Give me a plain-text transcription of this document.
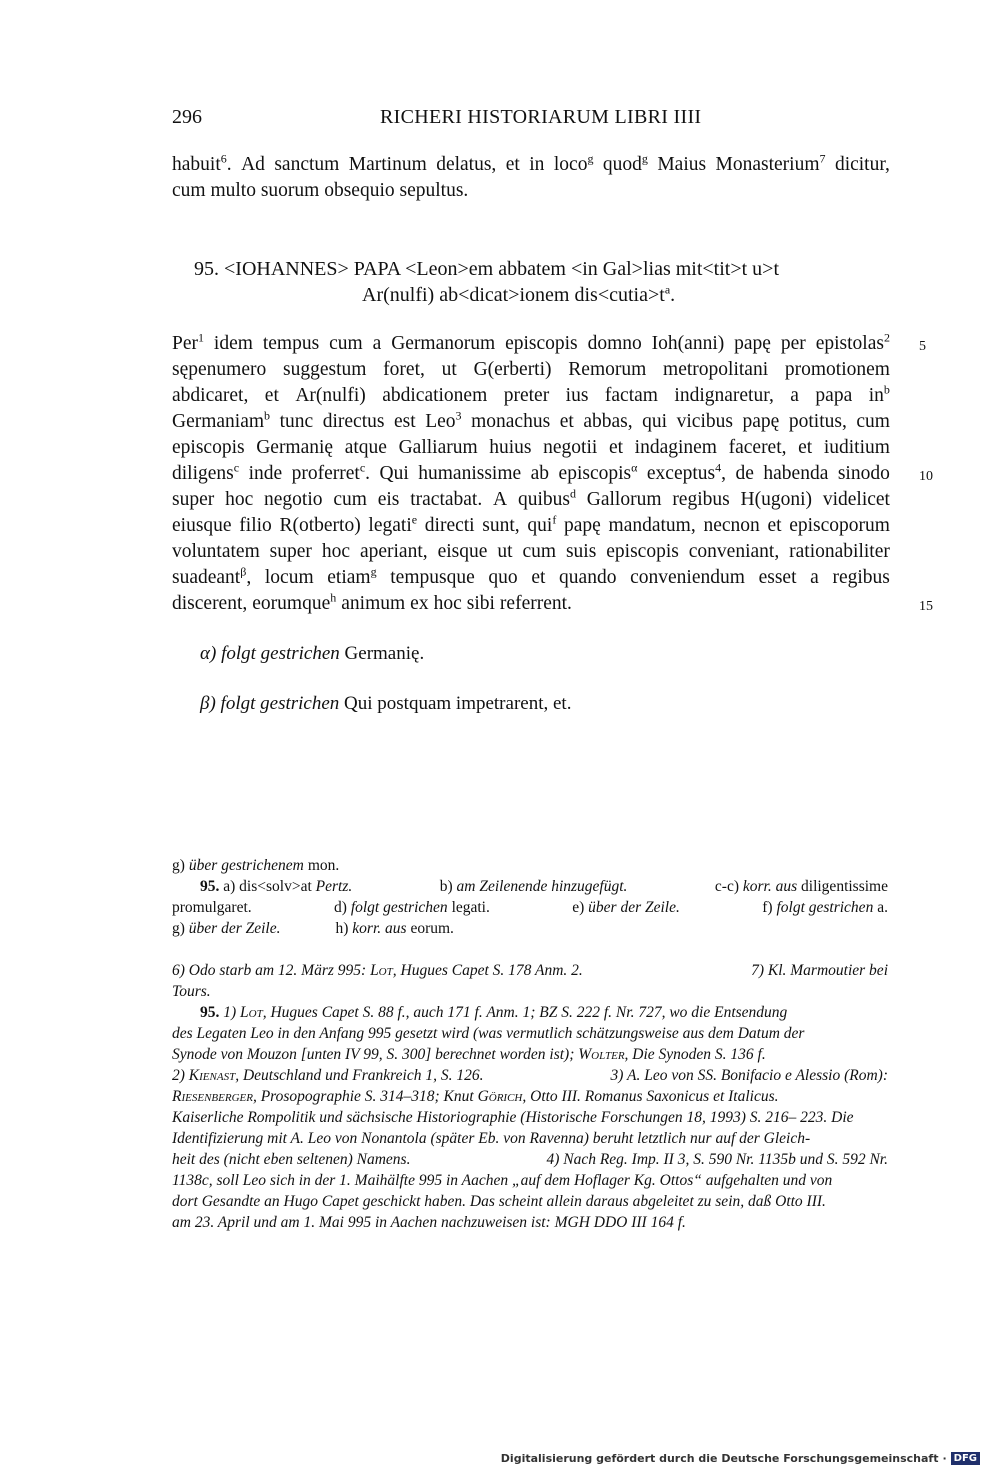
296	RICHERI HISTORIARUM LIBRI IIII
habuit$^6$. Ad sanctum Martinum delatus, et in loco$^g$ quod$^g$ Maius Monasterium$^7$ dicitur,
cum multo suorum obsequio sepultus.
95. <IOHANNES> PAPA <Leon>em abbatem <in Gal>lias mit<tit>t u>t
Ar(nulfi) ab<dicat>ionem $dis<cutia>t^a$.
Per$^1$ idem tempus cum a Germanorum episcopis domno Ioh(anni) papę per epistolas$^2$
sępenumero suggestum foret, ut G(erberti) Remorum metropolitani promotionem
abdicaret, et Ar(nulfi) abdicationem preter ius factam indignaretur, a papa $in^b$
Germaniam$^b$ tunc directus est Leo$^3$ monachus et abbas, qui vicibus papę potitus, cum
episcopis Germanię atque Galliarum huius negotii et indaginem faceret, et iuditium
diligens$^c$ inde proferret$^c$. Qui humanissime ab episcopis$^\alpha$ exceptus$^4$, de habenda sinodo
super hoc negotio cum eis tractabat. A quibus$^d$ Gallorum regibus H(ugoni) videlicet
eiusque filio R(otberto) legati$^e$ directi sunt, qui$^f$ papę mandatum, necnon et episcoporum
voluntatem super hoc aperiant, eisque ut cum suis episcopis conveniant, rationabiliter
suadeant$^\beta$, locum etiam$^g$ tempusque quo et quando conveniendum esset a regibus
discerent, eorumque$^h$ animum ex hoc sibi referrent.
5
10
15
α) folgt gestrichen Germanię.
β) folgt gestrichen Qui postquam impetrarent, et.
g) über gestrichenem mon.
95. a) dis<solv>at Pertz.	b) am Zeilenende hinzugefügt.	c-c) korr. aus diligentissime
promulgaret.	d) folgt gestrichen legati.	e) über der Zeile.	f) folgt gestrichen a.
g) über der Zeile.	h) korr. aus eorum.
6) Odo starb am 12. März 995: Lot, Hugues Capet S. 178 Anm. 2.	7) Kl. Marmoutier bei
Tours.
95. 1) Lot, Hugues Capet S. 88 f., auch 171 f. Anm. 1; BZ S. 222 f. Nr. 727, wo die Entsendung
des Legaten Leo in den Anfang 995 gesetzt wird (was vermutlich schätzungsweise aus dem Datum der
Synode von Mouzon [unten IV 99, S. 300] berechnet worden ist); Wolter, Die Synoden S. 136 f.
2) Kienast, Deutschland und Frankreich 1, S. 126.	3) A. Leo von SS. Bonifacio e Alessio (Rom):
Riesenberger, Prosopographie S. 314–318; Knut Görich, Otto III. Romanus Saxonicus et Italicus.
Kaiserliche Rompolitik und sächsische Historiographie (Historische Forschungen 18, 1993) S. 216– 223. Die
Identifizierung mit A. Leo von Nonantola (später Eb. von Ravenna) beruht letztlich nur auf der Gleich-
heit des (nicht eben seltenen) Namens.	4) Nach Reg. Imp. II 3, S. 590 Nr. 1135b und S. 592 Nr.
1138c, soll Leo sich in der 1. Maihälfte 995 in Aachen „auf dem Hoflager Kg. Ottos“ aufgehalten und von
dort Gesandte an Hugo Capet geschickt haben. Das scheint allein daraus abgeleitet zu sein, daß Otto III.
am 23. April und am 1. Mai 995 in Aachen nachzuweisen ist: MGH DDO III 164 f.
Digitalisierung gefördert durch die Deutsche Forschungsgemeinschaft · DFG
